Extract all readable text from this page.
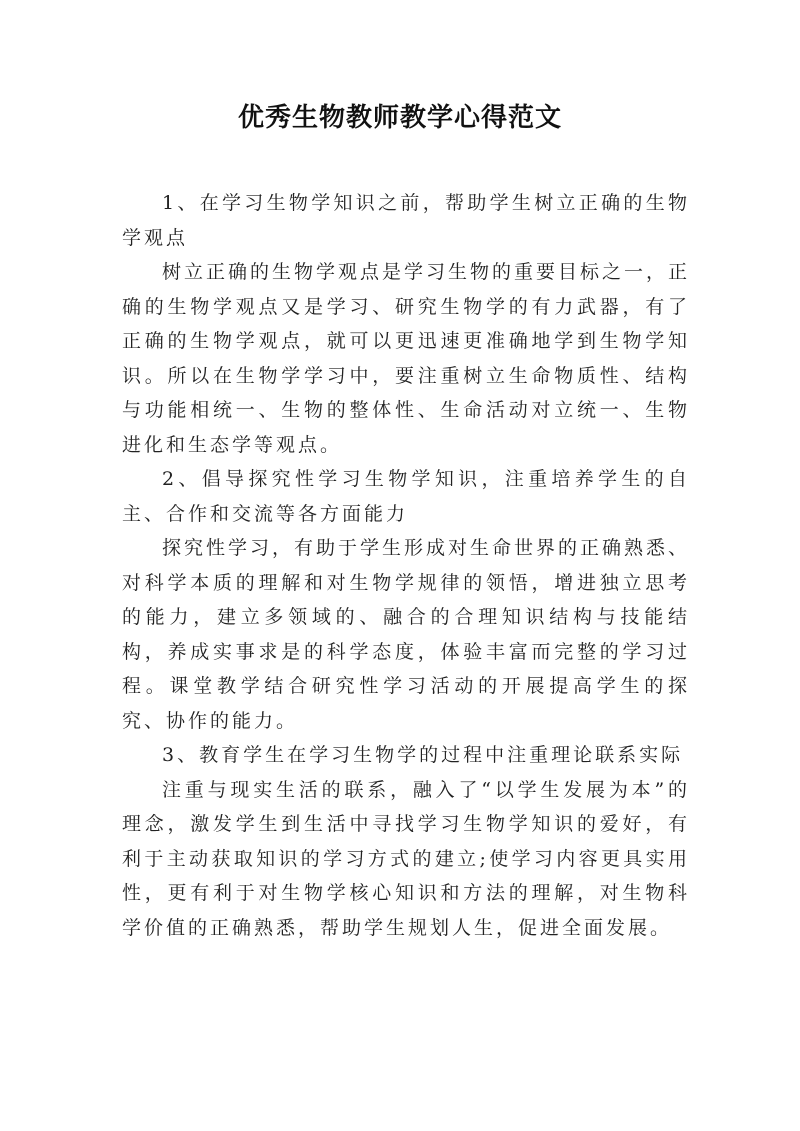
优秀生物教师教学心得范文

1、在学习生物学知识之前，帮助学生树立正确的生物学观点

树立正确的生物学观点是学习生物的重要目标之一，正确的生物学观点又是学习、研究生物学的有力武器，有了正确的生物学观点，就可以更迅速更准确地学到生物学知识。所以在生物学学习中，要注重树立生命物质性、结构与功能相统一、生物的整体性、生命活动对立统一、生物进化和生态学等观点。

2、倡导探究性学习生物学知识，注重培养学生的自主、合作和交流等各方面能力

探究性学习，有助于学生形成对生命世界的正确熟悉、对科学本质的理解和对生物学规律的领悟，增进独立思考的能力，建立多领域的、融合的合理知识结构与技能结构，养成实事求是的科学态度，体验丰富而完整的学习过程。课堂教学结合研究性学习活动的开展提高学生的探究、协作的能力。

3、教育学生在学习生物学的过程中注重理论联系实际

注重与现实生活的联系，融入了“以学生发展为本”的理念，激发学生到生活中寻找学习生物学知识的爱好，有利于主动获取知识的学习方式的建立;使学习内容更具实用性，更有利于对生物学核心知识和方法的理解，对生物科学价值的正确熟悉，帮助学生规划人生，促进全面发展。
